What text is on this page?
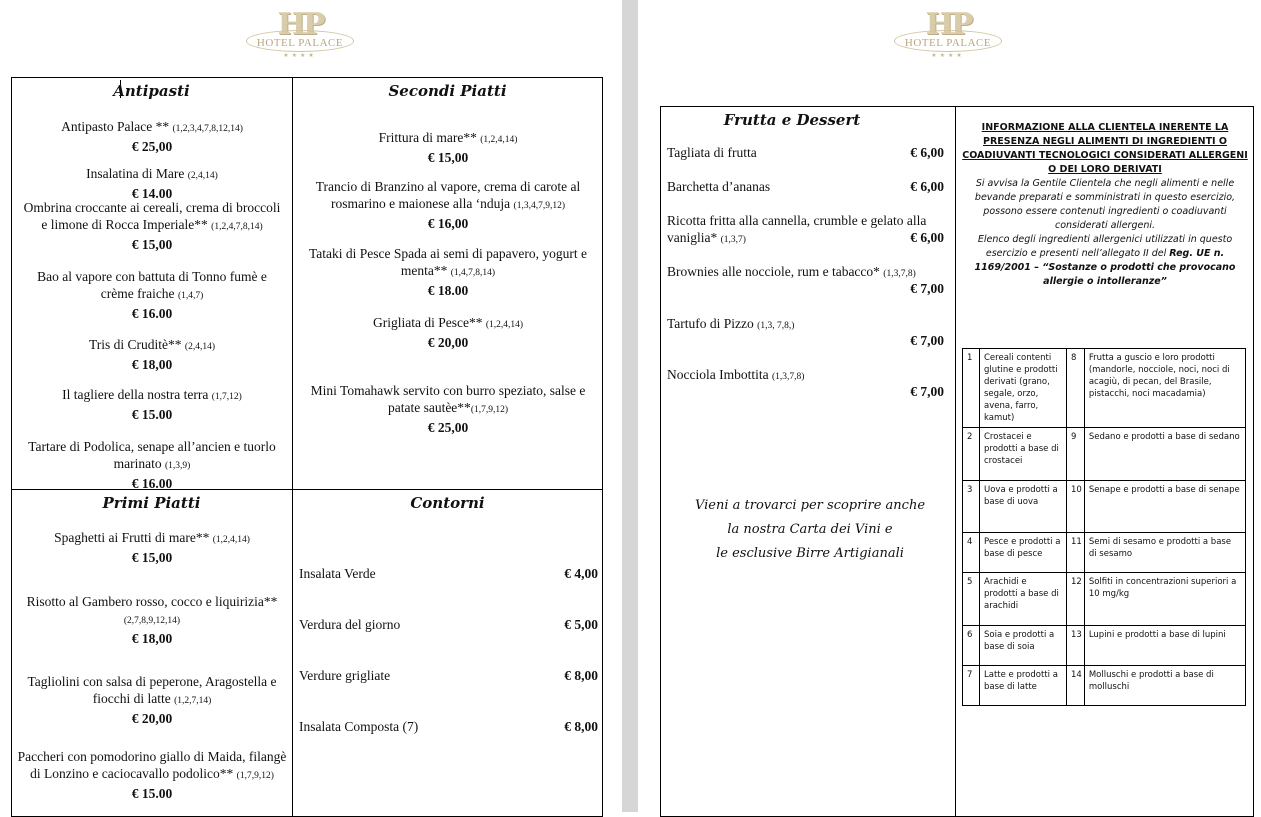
HP
HOTEL PALACE
★★★★
Antipasti
Antipasto Palace ** (1,2,3,4,7,8,12,14)
€ 25,00
Insalatina di Mare (2,4,14)
€ 14.00
Ombrina croccante ai cereali, crema di broccoli e limone di Rocca Imperiale** (1,2,4,7,8,14)
€ 15,00
Bao al vapore con battuta di Tonno fumè e crème fraiche (1,4,7)
€ 16.00
Tris di Cruditè** (2,4,14)
€ 18,00
Il tagliere della nostra terra (1,7,12)
€ 15.00
Tartare di Podolica, senape all’ancien e tuorlo marinato (1,3,9)
€ 16.00
Secondi Piatti
Frittura di mare** (1,2,4,14)
€ 15,00
Trancio di Branzino al vapore, crema di carote al rosmarino e maionese alla ‘nduja (1,3,4,7,9,12)
€ 16,00
Tataki di Pesce Spada ai semi di papavero, yogurt e menta** (1,4,7,8,14)
€ 18.00
Grigliata di Pesce** (1,2,4,14)
€ 20,00
Mini Tomahawk servito con burro speziato, salse e patate sautèe**(1,7,9,12)
€ 25,00
Primi Piatti
Spaghetti ai Frutti di mare** (1,2,4,14)
€ 15,00
Risotto al Gambero rosso, cocco e liquirizia** (2,7,8,9,12,14)
€ 18,00
Tagliolini con salsa di peperone, Aragostella e fiocchi di latte (1,2,7,14)
€ 20,00
Paccheri con pomodorino giallo di Maida, filangè di Lonzino e caciocavallo podolico** (1,7,9,12)
€ 15.00
Contorni
Insalata Verde	€ 4,00
Verdura del giorno	€ 5,00
Verdure grigliate	€ 8,00
Insalata Composta (7)	€ 8,00
HP
HOTEL PALACE
★★★★
Frutta e Dessert
Tagliata di frutta	€ 6,00
Barchetta d’ananas	€ 6,00
Ricotta fritta alla cannella, crumble e gelato alla vaniglia* (1,3,7)	€ 6,00
Brownies alle nocciole, rum e tabacco* (1,3,7,8)
€ 7,00
Tartufo di Pizzo (1,3, 7,8,)
€ 7,00
Nocciola Imbottita (1,3,7,8)
€ 7,00
Vieni a trovarci per scoprire anche
la nostra Carta dei Vini e
le esclusive Birre Artigianali
INFORMAZIONE ALLA CLIENTELA INERENTE LA PRESENZA NEGLI ALIMENTI DI INGREDIENTI O COADIUVANTI TECNOLOGICI CONSIDERATI ALLERGENI O DEI LORO DERIVATI
Si avvisa la Gentile Clientela che negli alimenti e nelle bevande preparati e somministrati in questo esercizio, possono essere contenuti ingredienti o coadiuvanti considerati allergeni.
Elenco degli ingredienti allergenici utilizzati in questo esercizio e presenti nell’allegato II del Reg. UE n. 1169/2001 – “Sostanze o prodotti che provocano allergie o intolleranze”
1	Cereali contenti glutine e prodotti derivati (grano, segale, orzo, avena, farro, kamut)	8	Frutta a guscio e loro prodotti (mandorle, nocciole, noci, noci di acagiù, di pecan, del Brasile, pistacchi, noci macadamia)
2	Crostacei e prodotti a base di crostacei	9	Sedano e prodotti a base di sedano
3	Uova e prodotti a base di uova	10	Senape e prodotti a base di senape
4	Pesce e prodotti a base di pesce	11	Semi di sesamo e prodotti a base di sesamo
5	Arachidi e prodotti a base di arachidi	12	Solfiti in concentrazioni superiori a 10 mg/kg
6	Soia e prodotti a base di soia	13	Lupini e prodotti a base di lupini
7	Latte e prodotti a base di latte	14	Molluschi e prodotti a base di molluschi
